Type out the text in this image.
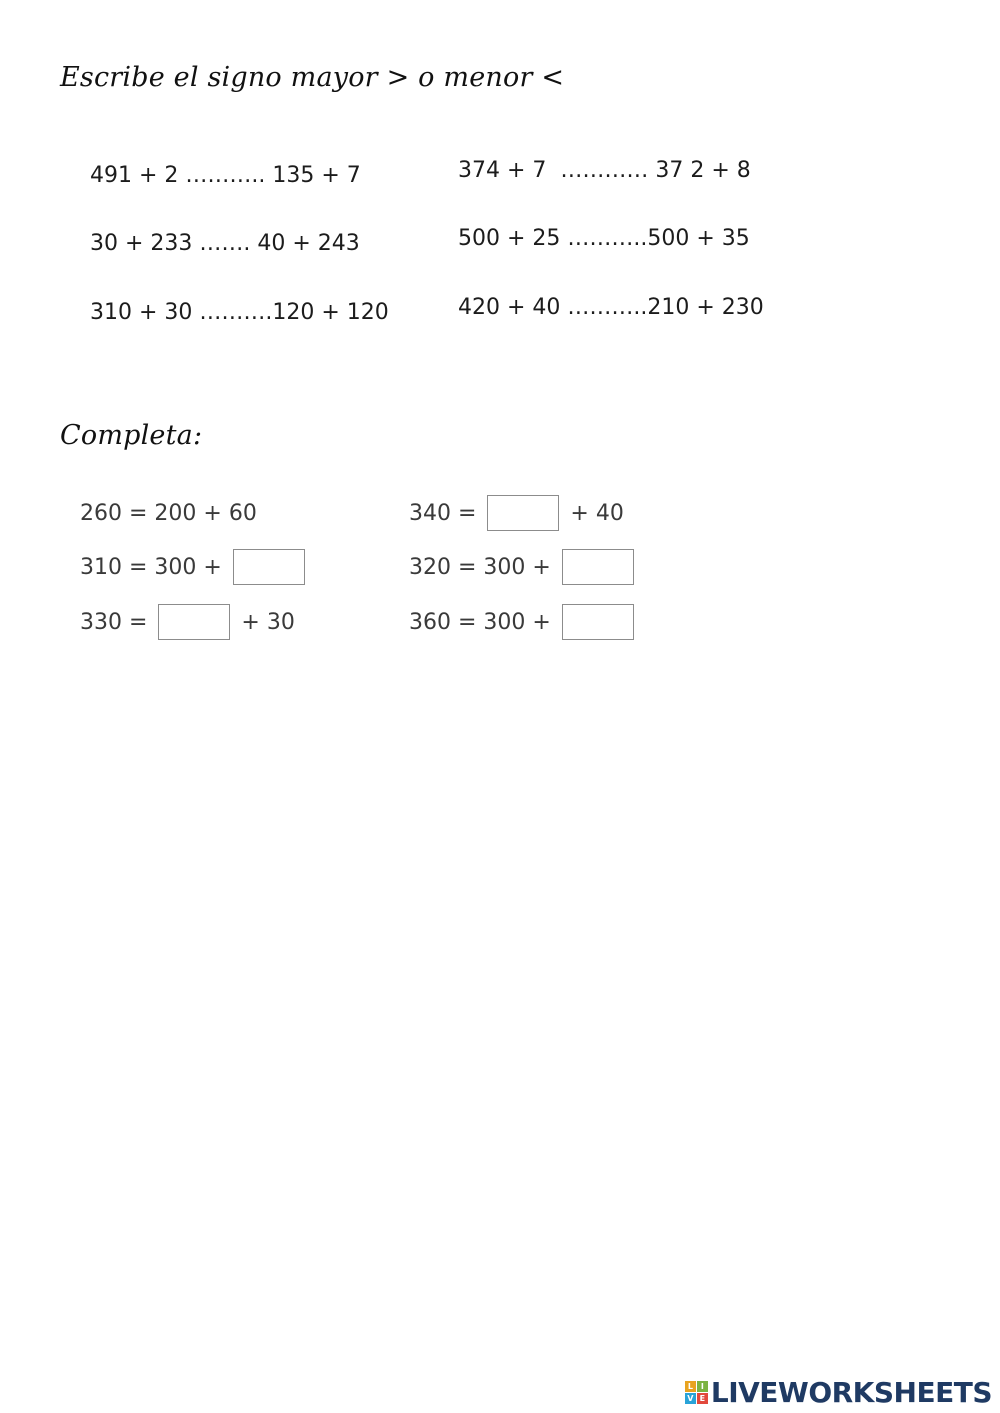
Escribe el signo mayor > o menor <
491 + 2 ……….. 135 + 7
30 + 233 ……. 40 + 243
310 + 30 ……….120 + 120
374 + 7  ………… 37 2 + 8
500 + 25 ………..500 + 35
420 + 40 ………..210 + 230
Completa:
260 = 200 + 60
310 = 300 +
330 =	+ 30
340 =	+ 40
320 = 300 +
360 = 300 +
L I
V E LIVEWORKSHEETS
